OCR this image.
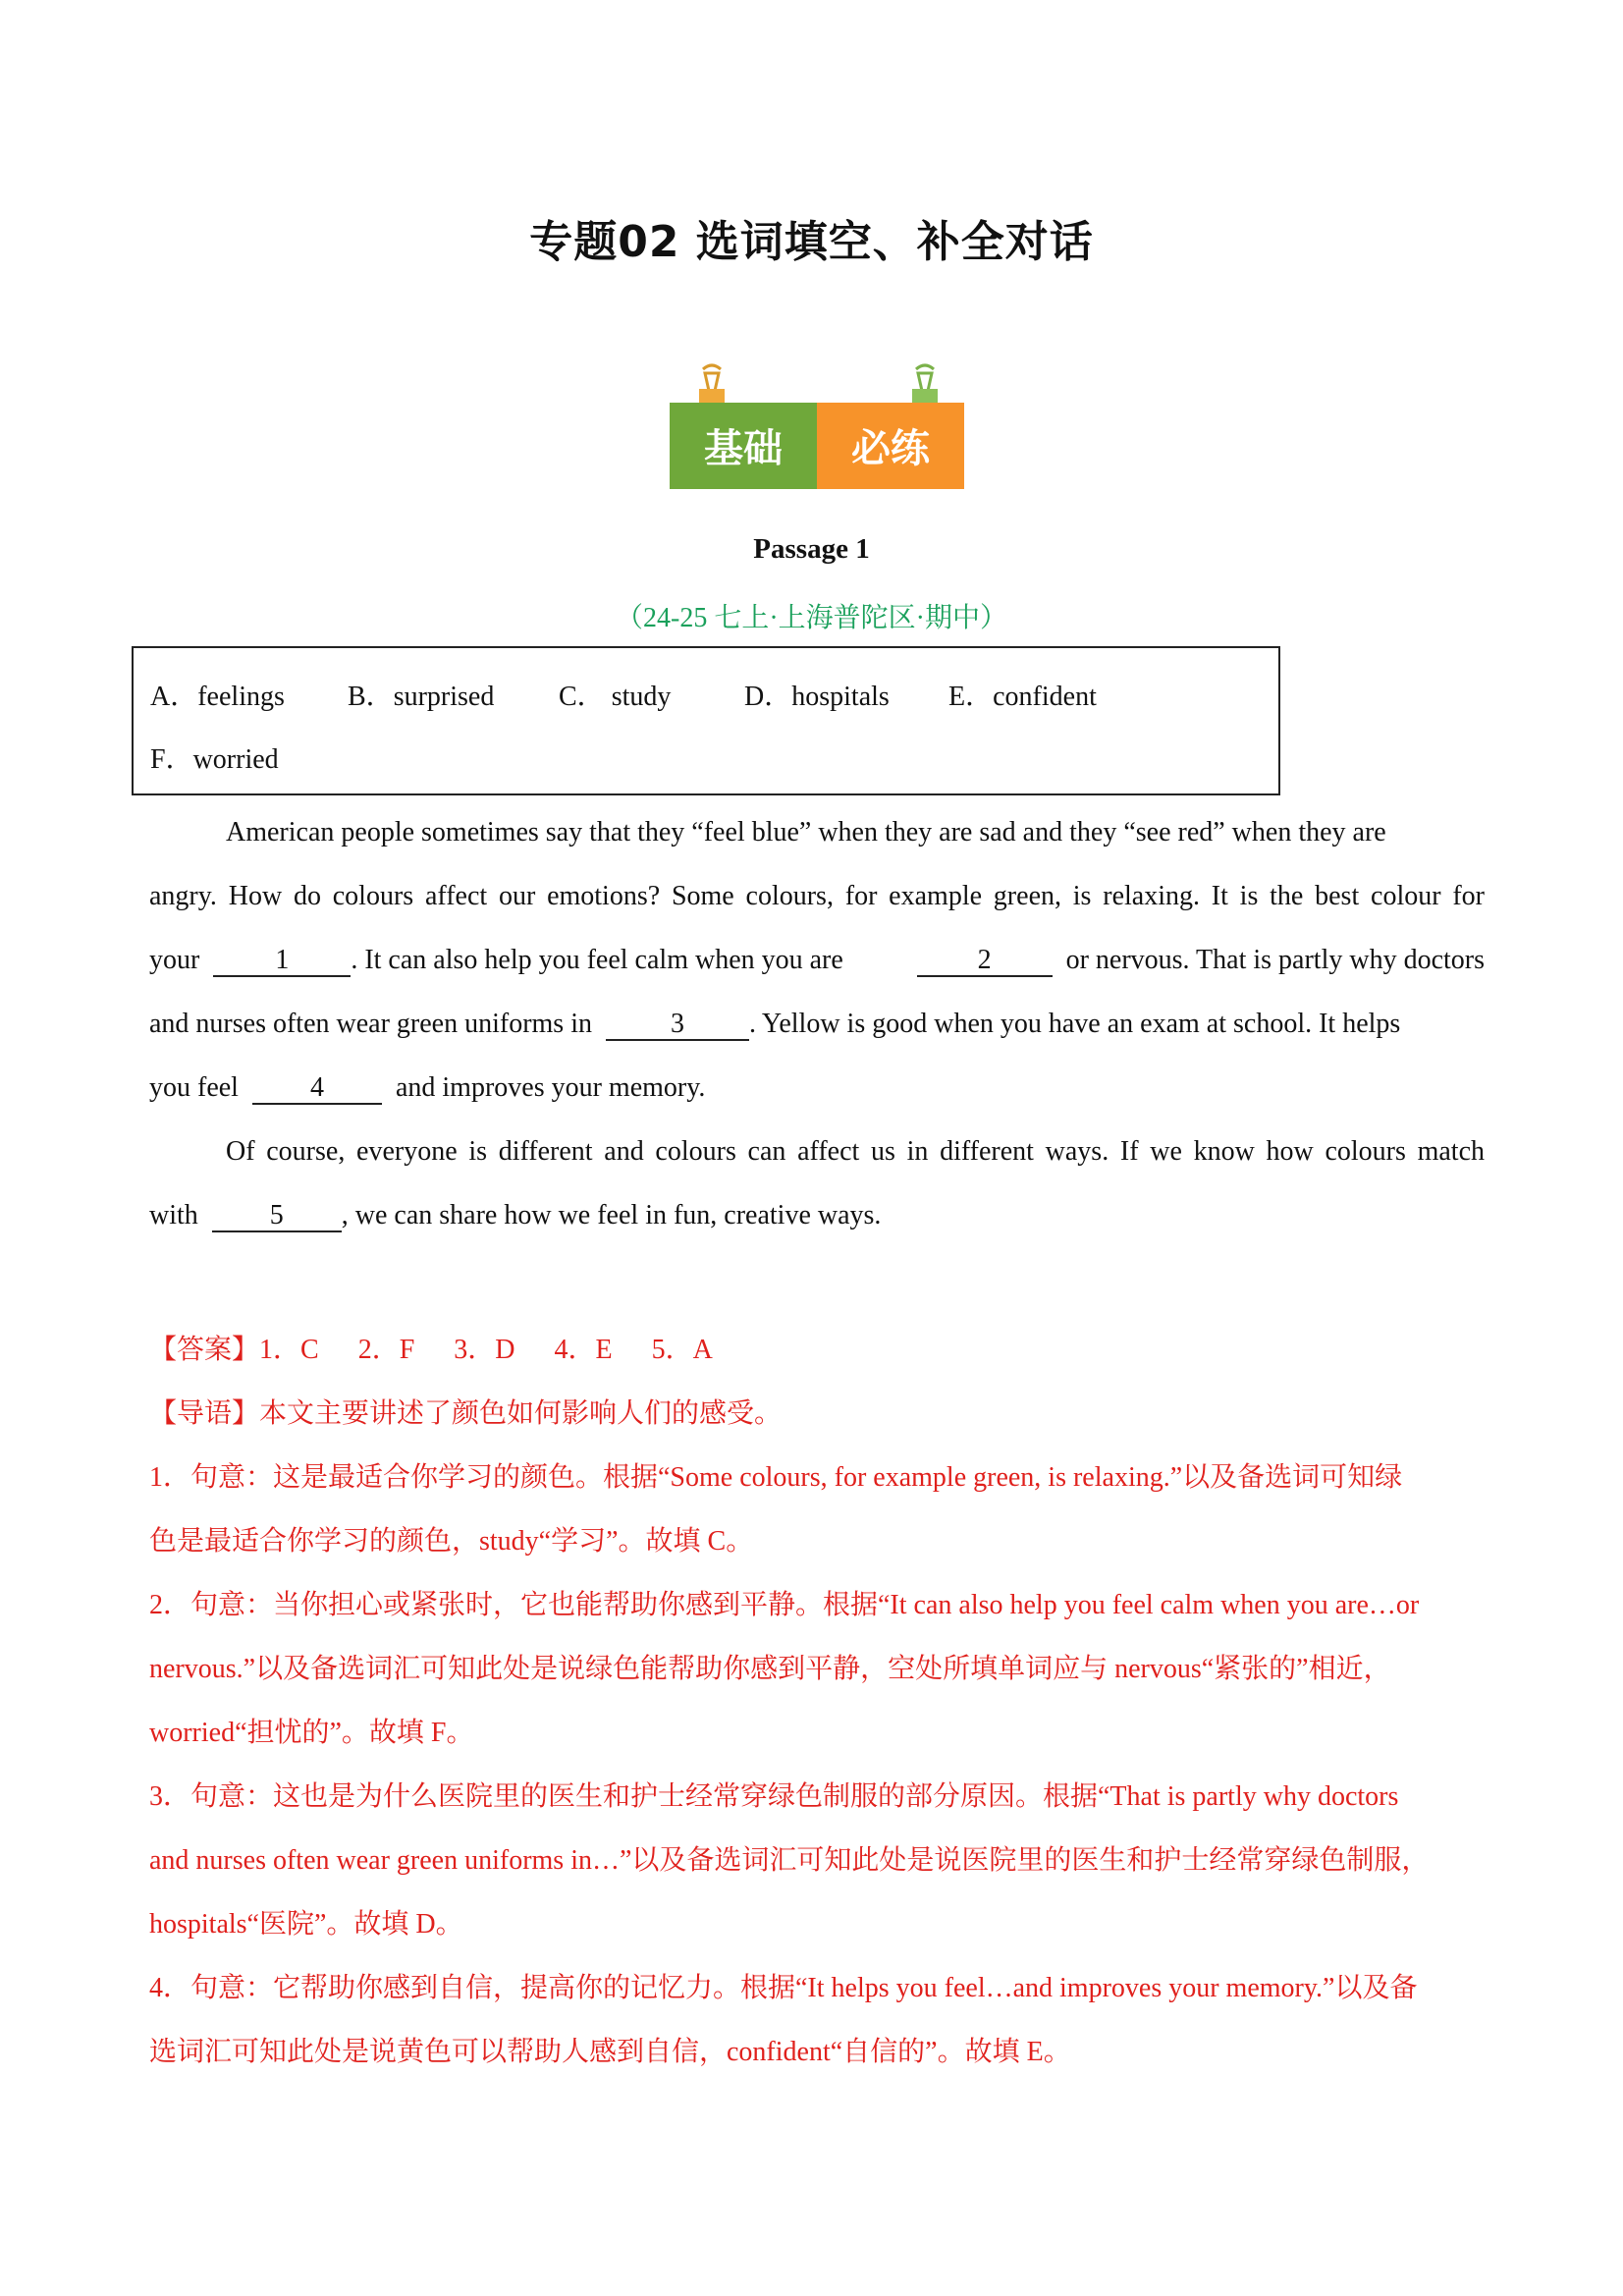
专题02 选词填空、补全对话
基础 必练
Passage 1
（24-25 七上·上海普陀区·期中）
A．feelings B．surprised C． study	D．hospitals E．confident
F．worried
American people sometimes say that they “feel blue” when they are sad and they “see red” when they are
angry. How do colours affect our emotions? Some colours, for example green, is relaxing. It is the best colour for
your	1 . It can also help you feel calm when you are	2	or nervous. That is partly why doctors
and nurses often wear green uniforms in	3 . Yellow is good when you have an exam at school. It helps
you feel	4	and improves your memory.
Of course, everyone is different and colours can affect us in different ways. If we know how colours match
with	5 , we can share how we feel in fun, creative ways.
【答案】1．C 2．F 3．D 4．E 5．A
【导语】本文主要讲述了颜色如何影响人们的感受。
1．句意：这是最适合你学习的颜色。根据“Some colours, for example green, is relaxing.”以及备选词可知绿
色是最适合你学习的颜色，study“学习”。故填 C。
2．句意：当你担心或紧张时，它也能帮助你感到平静。根据“It can also help you feel calm when you are…or
nervous.”以及备选词汇可知此处是说绿色能帮助你感到平静，空处所填单词应与 nervous“紧张的”相近，
worried“担忧的”。故填 F。
3．句意：这也是为什么医院里的医生和护士经常穿绿色制服的部分原因。根据“That is partly why doctors
and nurses often wear green uniforms in…”以及备选词汇可知此处是说医院里的医生和护士经常穿绿色制服，
hospitals“医院”。故填 D。
4．句意：它帮助你感到自信，提高你的记忆力。根据“It helps you feel…and improves your memory.”以及备
选词汇可知此处是说黄色可以帮助人感到自信，confident“自信的”。故填 E。
